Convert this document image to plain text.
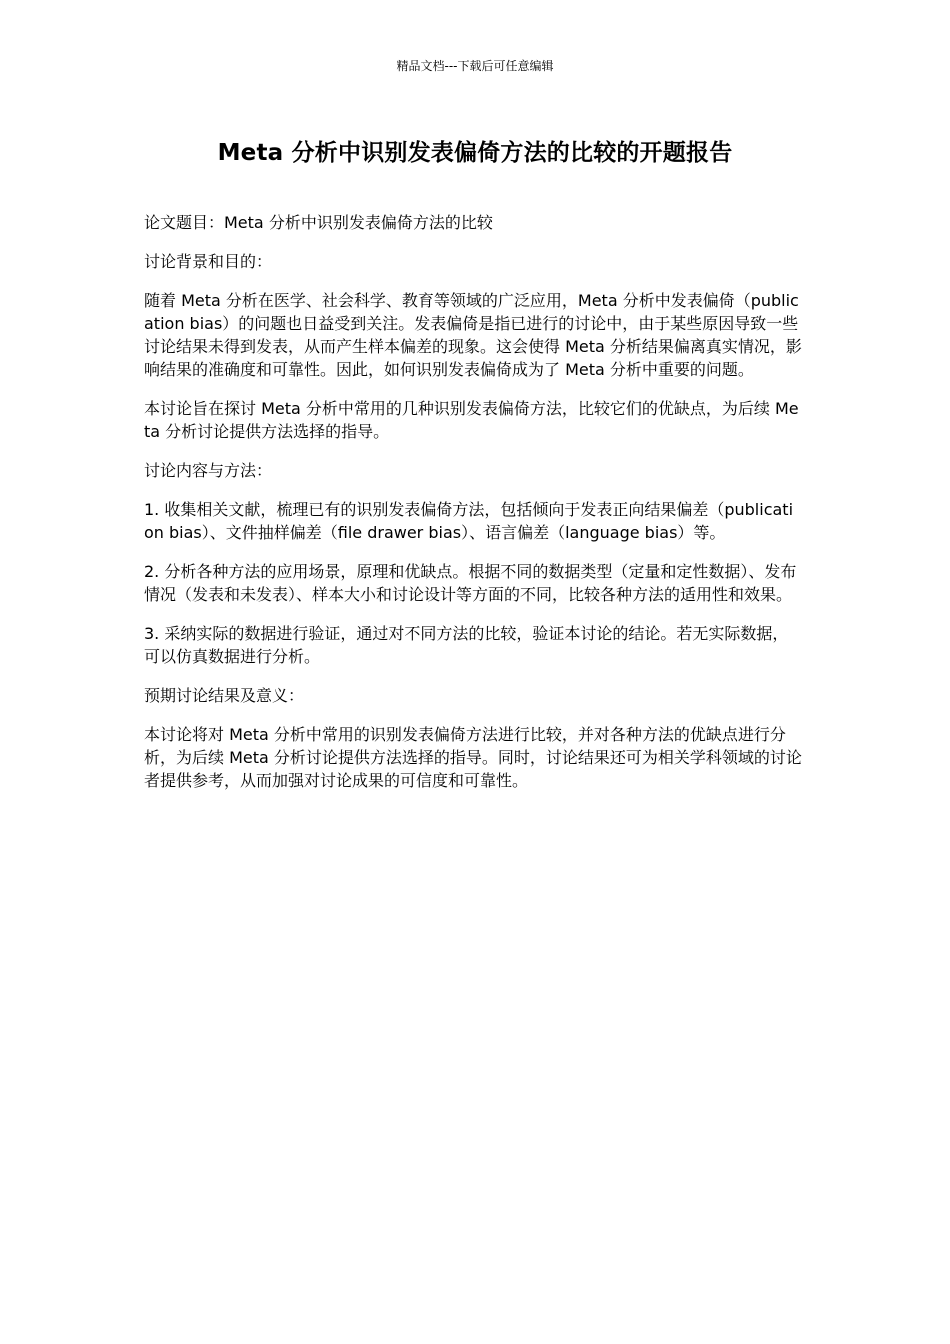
精品文档---下载后可任意编辑
Meta 分析中识别发表偏倚方法的比较的开题报告

论文题目：Meta 分析中识别发表偏倚方法的比较

讨论背景和目的：

随着 Meta 分析在医学、社会科学、教育等领域的广泛应用，Meta 分析中发表偏倚（publication bias）的问题也日益受到关注。发表偏倚是指已进行的讨论中，由于某些原因导致一些讨论结果未得到发表，从而产生样本偏差的现象。这会使得 Meta 分析结果偏离真实情况，影响结果的准确度和可靠性。因此，如何识别发表偏倚成为了 Meta 分析中重要的问题。

本讨论旨在探讨 Meta 分析中常用的几种识别发表偏倚方法，比较它们的优缺点，为后续 Meta 分析讨论提供方法选择的指导。

讨论内容与方法：

1. 收集相关文献，梳理已有的识别发表偏倚方法，包括倾向于发表正向结果偏差（publication bias）、文件抽样偏差（file drawer bias）、语言偏差（language bias）等。

2. 分析各种方法的应用场景，原理和优缺点。根据不同的数据类型（定量和定性数据）、发布情况（发表和未发表）、样本大小和讨论设计等方面的不同，比较各种方法的适用性和效果。

3. 采纳实际的数据进行验证，通过对不同方法的比较，验证本讨论的结论。若无实际数据，可以仿真数据进行分析。

预期讨论结果及意义：

本讨论将对 Meta 分析中常用的识别发表偏倚方法进行比较，并对各种方法的优缺点进行分析，为后续 Meta 分析讨论提供方法选择的指导。同时，讨论结果还可为相关学科领域的讨论者提供参考，从而加强对讨论成果的可信度和可靠性。
